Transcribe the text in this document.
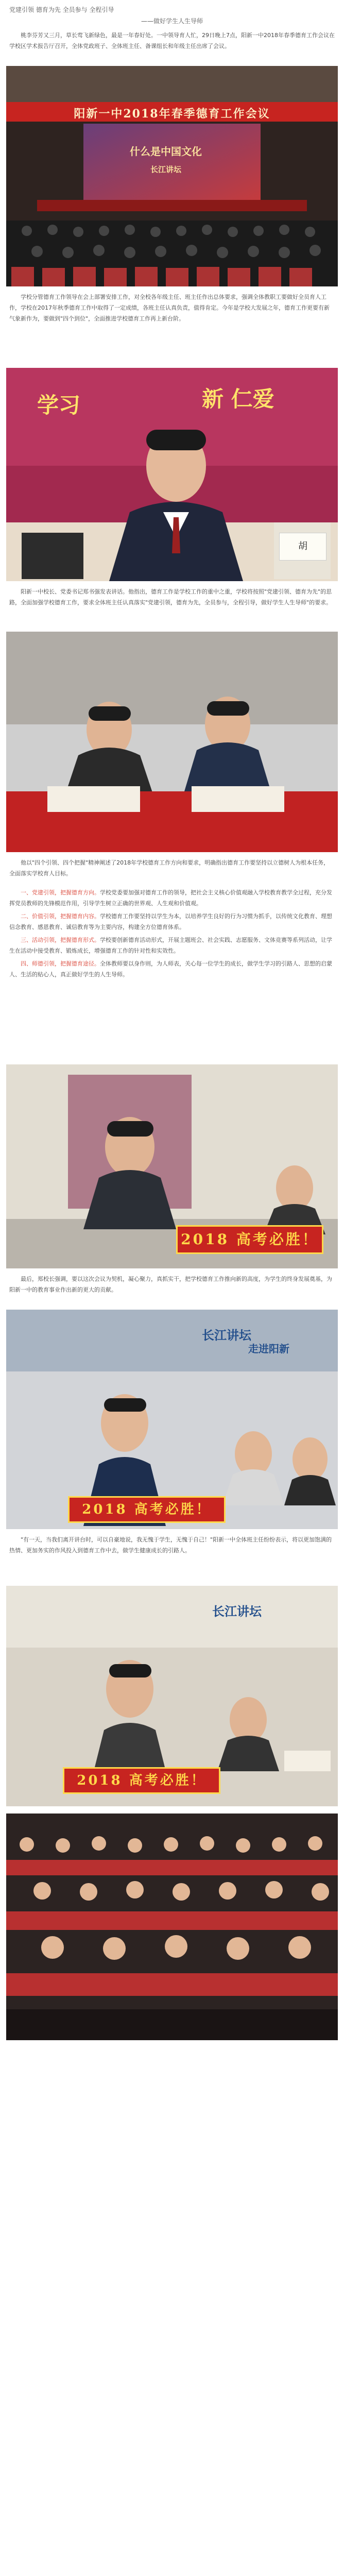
党建引领 德育为先 全员参与 全程引导
——做好学生人生导师

桃李芬芳又三月，草长莺飞新绿色，最是一年春好处。一中领导育人忙，29日晚上7点，阳新一中2018年春季德育工作会议在学校区学术报告厅召开，全体党政班子、全体班主任、备课组长和年级主任出席了会议。

阳新一中2018年春季德育工作会议
什么是中国文化
长江讲坛

学校分管德育工作领导在会上部署安排工作，对全校各年级主任、班主任作出总体要求，强调全体教职工要做好全员育人工作，学校在2017年秋季德育工作中取得了一定成绩，各班主任认真负责，值得肯定。今年是学校大发展之年，德育工作更要有新气象新作为，要做到"四个到位"，全面推进学校德育工作再上新台阶。

新 仁爱
学习
胡

阳新一中校长、党委书记郑书强发表讲话。他指出，德育工作是学校工作的重中之重，学校将按照"党建引领、德育为先"的思路，全面加强学校德育工作，要求全体班主任认真落实"党建引领，德育为先，全员参与，全程引导，做好学生人生导师"的要求。

他以"四个引领、四个把握"精神阐述了2018年学校德育工作方向和要求，明确指出德育工作要坚持以立德树人为根本任务，全面落实学校育人目标。

一、党建引领，把握德育方向。学校党委要加强对德育工作的领导，把社会主义核心价值观融入学校教育教学全过程，充分发挥党员教师的先锋模范作用，引导学生树立正确的世界观、人生观和价值观。

二、价值引领，把握德育内容。学校德育工作要坚持以学生为本，以培养学生良好的行为习惯为抓手，以传统文化教育、理想信念教育、感恩教育、诚信教育等为主要内容，构建全方位德育体系。

三、活动引领，把握德育形式。学校要创新德育活动形式，开展主题班会、社会实践、志愿服务、文体竞赛等系列活动，让学生在活动中接受教育、锻炼成长，增强德育工作的针对性和实效性。

四、师德引领，把握德育途径。全体教师要以身作则，为人师表，关心每一位学生的成长，做学生学习的引路人、思想的启蒙人、生活的贴心人，真正做好学生的人生导师。

2018 高考必胜！

最后，郑校长强调，要以这次会议为契机，凝心聚力，真抓实干，把学校德育工作推向新的高度，为学生的终身发展奠基，为阳新一中的教育事业作出新的更大的贡献。

2018 高考必胜！
长江讲坛
走进阳新

"有一天，当我们离开讲台时，可以自豪地说，我无愧于学生，无愧于自己！"阳新一中全体班主任纷纷表示，将以更加饱满的热情、更加务实的作风投入到德育工作中去，做学生健康成长的引路人。

2018 高考必胜！
长江讲坛
